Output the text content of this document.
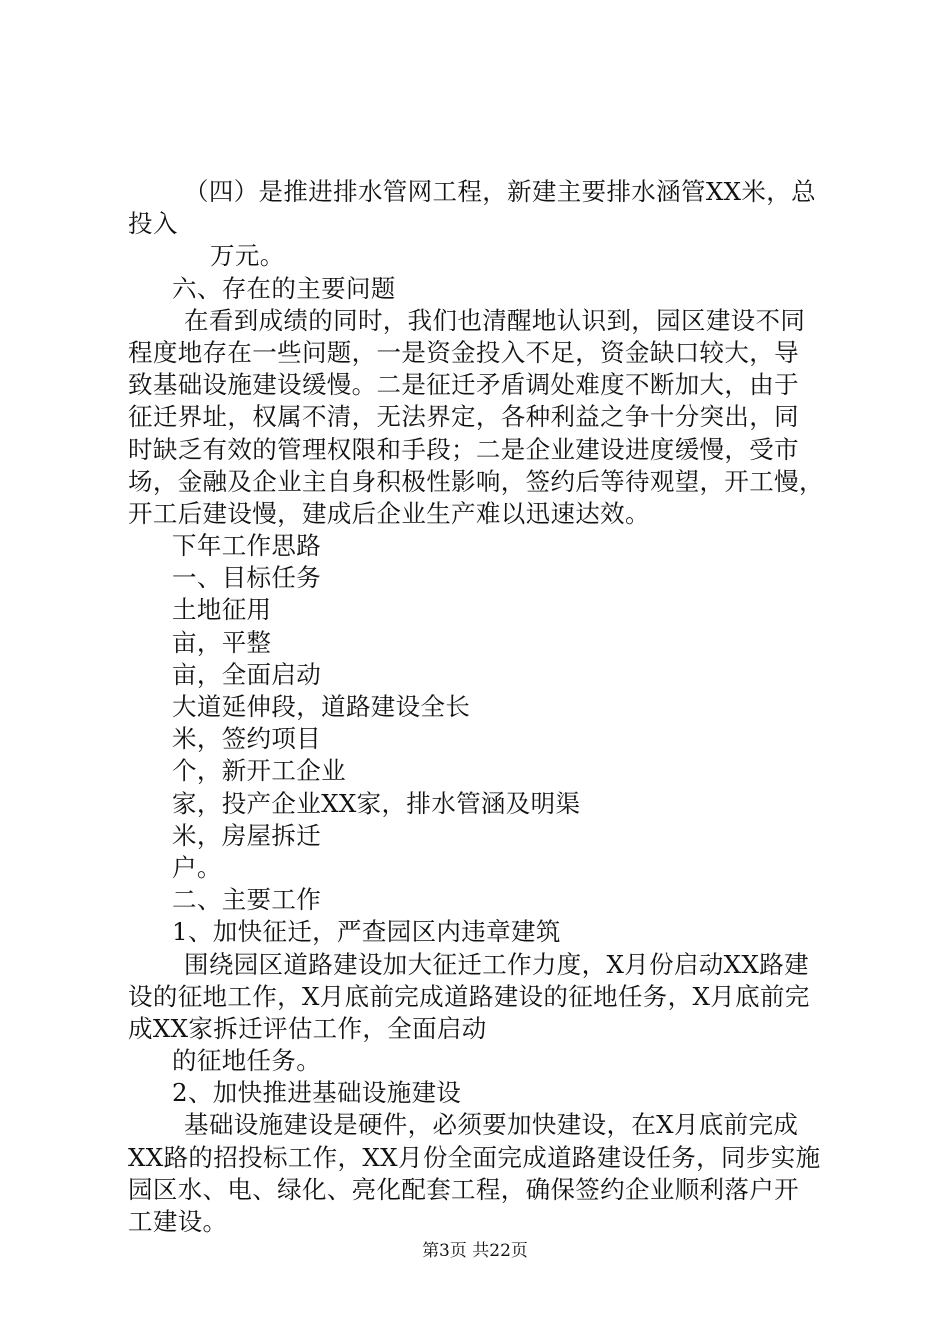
（四）是推进排水管网工程，新建主要排水涵管XX米，总
投入
万元。
六、存在的主要问题
在看到成绩的同时，我们也清醒地认识到，园区建设不同
程度地存在一些问题，一是资金投入不足，资金缺口较大，导
致基础设施建设缓慢。二是征迁矛盾调处难度不断加大，由于
征迁界址，权属不清，无法界定，各种利益之争十分突出，同
时缺乏有效的管理权限和手段；二是企业建设进度缓慢，受市
场，金融及企业主自身积极性影响，签约后等待观望，开工慢，
开工后建设慢，建成后企业生产难以迅速达效。
下年工作思路
一、目标任务
土地征用
亩，平整
亩，全面启动
大道延伸段，道路建设全长
米，签约项目
个，新开工企业
家，投产企业XX家，排水管涵及明渠
米，房屋拆迁
户。
二、主要工作
1、加快征迁，严查园区内违章建筑
围绕园区道路建设加大征迁工作力度，X月份启动XX路建
设的征地工作，X月底前完成道路建设的征地任务，X月底前完
成XX家拆迁评估工作，全面启动
的征地任务。
2、加快推进基础设施建设
基础设施建设是硬件，必须要加快建设，在X月底前完成
XX路的招投标工作，XX月份全面完成道路建设任务，同步实施
园区水、电、绿化、亮化配套工程，确保签约企业顺利落户开
工建设。
第3页 共22页
